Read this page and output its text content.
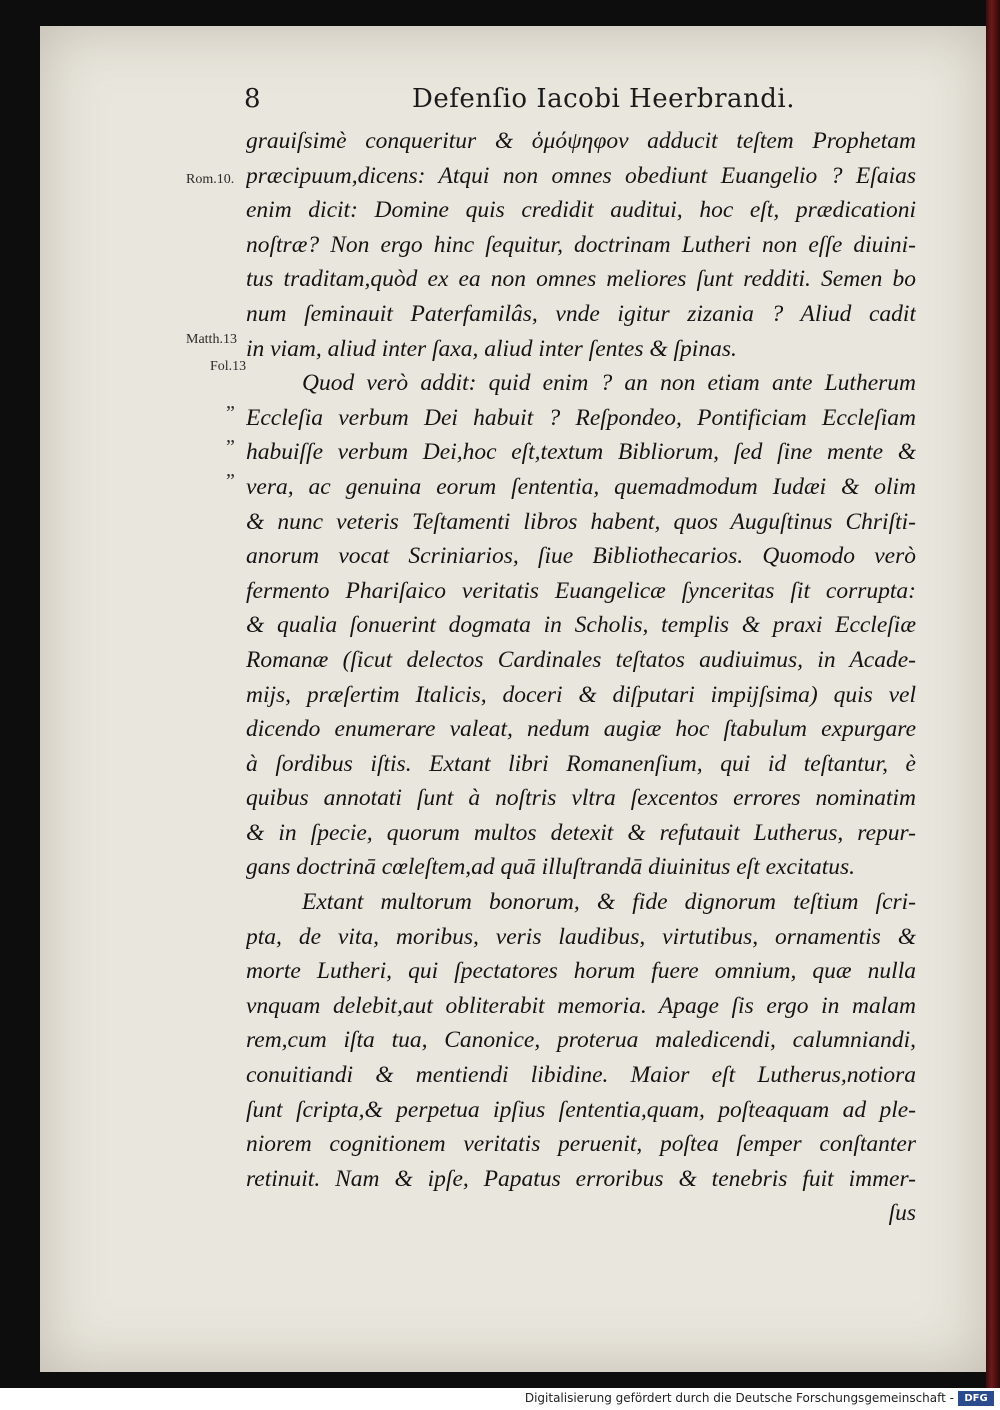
8	Defenſio Iacobi Heerbrandi.
Rom.10.
Matth.13
Fol.13
”
”
”
grauiſsimè conqueritur & ὁμόψηφον adducit teſtem Prophetam
præcipuum,dicens: Atqui non omnes obediunt Euangelio ? Eſaias
enim dicit: Domine quis credidit auditui, hoc eſt, prædicationi
noſtræ? Non ergo hinc ſequitur, doctrinam Lutheri non eſſe diuini-
tus traditam,quòd ex ea non omnes meliores ſunt redditi. Semen bo
num ſeminauit Paterfamilâs, vnde igitur zizania ? Aliud cadit
in viam, aliud inter ſaxa, aliud inter ſentes & ſpinas.
Quod verò addit: quid enim ? an non etiam ante Lutherum
Eccleſia verbum Dei habuit ? Reſpondeo, Pontificiam Eccleſiam
habuiſſe verbum Dei,hoc eſt,textum Bibliorum, ſed ſine mente &
vera, ac genuina eorum ſententia, quemadmodum Iudæi & olim
& nunc veteris Teſtamenti libros habent, quos Auguſtinus Chriſti-
anorum vocat Scriniarios, ſiue Bibliothecarios. Quomodo verò
fermento Phariſaico veritatis Euangelicæ ſynceritas ſit corrupta:
& qualia ſonuerint dogmata in Scholis, templis & praxi Eccleſiæ
Romanæ (ſicut delectos Cardinales teſtatos audiuimus, in Acade-
mijs, præſertim Italicis, doceri & diſputari impijſsima) quis vel
dicendo enumerare valeat, nedum augiæ hoc ſtabulum expurgare
à ſordibus iſtis. Extant libri Romanenſium, qui id teſtantur, è
quibus annotati ſunt à noſtris vltra ſexcentos errores nominatim
& in ſpecie, quorum multos detexit & refutauit Lutherus, repur-
gans doctrinā cœleſtem,ad quā illuſtrandā diuinitus eſt excitatus.
Extant multorum bonorum, & fide dignorum teſtium ſcri-
pta, de vita, moribus, veris laudibus, virtutibus, ornamentis &
morte Lutheri, qui ſpectatores horum fuere omnium, quæ nulla
vnquam delebit,aut obliterabit memoria. Apage ſis ergo in malam
rem,cum iſta tua, Canonice, proterua maledicendi, calumniandi,
conuitiandi & mentiendi libidine. Maior eſt Lutherus,notiora
ſunt ſcripta,& perpetua ipſius ſententia,quam, poſteaquam ad ple-
niorem cognitionem veritatis peruenit, poſtea ſemper conſtanter
retinuit. Nam & ipſe, Papatus erroribus & tenebris fuit immer-
ſus
Digitalisierung gefördert durch die Deutsche Forschungsgemeinschaft -	DFG
